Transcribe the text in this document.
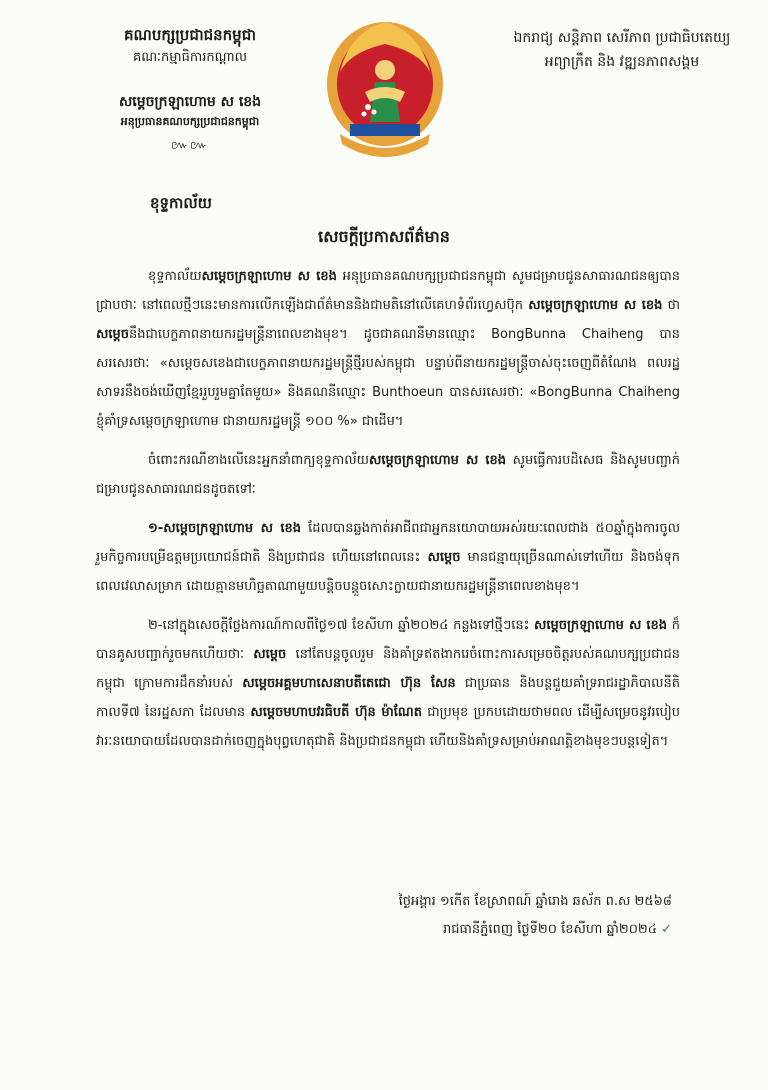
គណបក្សប្រជាជនកម្ពុជា
គណៈកម្មាធិការកណ្តាល
សម្តេចក្រឡាហោម ស ខេង
អនុប្រធានគណបក្សប្រជាជនកម្ពុជា
៚៚
ឯករាជ្យ សន្តិភាព សេរីភាព ប្រជាធិបតេយ្យ
អព្យាក្រឹត និង វឌ្ឍនភាពសង្គម
ខុទ្ទកាល័យ
សេចក្តីប្រកាសព័ត៌មាន

ខុទ្ទកាល័យសម្តេចក្រឡាហោម ស ខេង អនុប្រធានគណបក្សប្រជាជនកម្ពុជា សូមជម្រាបជូនសាធារណជនឲ្យបានជ្រាបថាៈ នៅពេលថ្មីៗនេះមានការលើកឡើងជាព័ត៌មាននិងជាមតិនៅលើគេហទំព័រហ្វេសប៊ុក សម្តេចក្រឡាហោម ស ខេង ថា សម្តេចនឹងជាបេក្ខភាពនាយករដ្ឋមន្ត្រីនាពេលខាងមុខ។ ដូចជាគណនីមានឈ្មោះ BongBunna Chaiheng បានសរសេរថាៈ «សម្តេចសខេងជាបេក្ខភាពនាយករដ្ឋមន្ត្រីថ្មីរបស់កម្ពុជា បន្ទាប់ពីនាយករដ្ឋមន្ត្រីចាស់ចុះចេញពីតំណែង ពលរដ្ឋសាទរនឹងចង់ឃើញខ្មែររួបរួមគ្នាតែមួយ» និងគណនីឈ្មោះ Bunthoeun បានសរសេរថាៈ «BongBunna Chaiheng ខ្ញុំគាំទ្រសម្តេចក្រឡាហោម ជានាយករដ្ឋមន្ត្រី ១០០ %» ជាដើម។

ចំពោះករណីខាងលើនេះអ្នកនាំពាក្យខុទ្ទកាល័យសម្តេចក្រឡាហោម ស ខេង សូមធ្វើការបដិសេធ និងសូមបញ្ជាក់ជម្រាបជូនសាធារណជនដូចតទៅៈ

១-សម្តេចក្រឡាហោម ស ខេង ដែលបានឆ្លងកាត់អាជីពជាអ្នកនយោបាយអស់រយៈពេលជាង ៥០ឆ្នាំក្នុងការចូលរួមកិច្ចការបម្រើឧត្តមប្រយោជន៍ជាតិ និងប្រជាជន ហើយនៅពេលនេះ សម្តេច មានជន្មាយុច្រើនណាស់ទៅហើយ និងចង់ទុកពេលវេលាសម្រាក ដោយគ្មានមហិច្ឆតាណាមួយបន្តិចបន្តួចសោះក្លាយជានាយករដ្ឋមន្ត្រីនាពេលខាងមុខ។

២-នៅក្នុងសេចក្តីថ្លែងការណ៍កាលពីថ្ងៃ១៧ ខែសីហា ឆ្នាំ២០២៤ កន្លងទៅថ្មីៗនេះ សម្តេចក្រឡាហោម ស ខេង ក៏បានគូសបញ្ជាក់រួចមកហើយថាៈ សម្តេច នៅតែបន្តចូលរួម និងគាំទ្រឥតងាករេចំពោះការសម្រេចចិត្តរបស់គណបក្សប្រជាជនកម្ពុជា ក្រោមការដឹកនាំរបស់ សម្តេចអគ្គមហាសេនាបតីតេជោ ហ៊ុន សែន ជាប្រធាន និងបន្តជួយគាំទ្ររាជរដ្ឋាភិបាលនីតិកាលទី៧ នៃរដ្ឋសភា ដែលមាន សម្តេចមហាបវរធិបតី ហ៊ុន ម៉ាណែត ជាប្រមុខ ប្រកបដោយថាមពល ដើម្បីសម្រេចនូវរបៀបវារៈនយោបាយដែលបានដាក់ចេញក្នុងបុព្វហេតុជាតិ និងប្រជាជនកម្ពុជា ហើយនិងគាំទ្រសម្រាប់អាណត្តិខាងមុខៗបន្តទៀត។

ថ្ងៃអង្គារ ១កើត ខែស្រាពណ៍ ឆ្នាំរោង ឆស័ក ព.ស ២៥៦៨
រាជធានីភ្នំពេញ ថ្ងៃទី២០ ខែសីហា ឆ្នាំ២០២៤ ✓
